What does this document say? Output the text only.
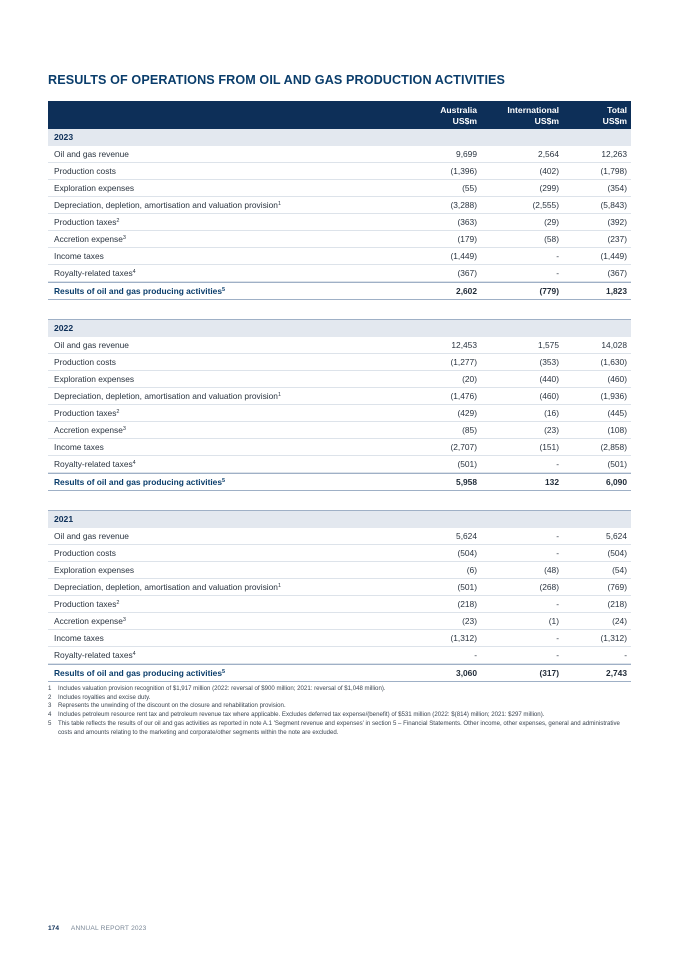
RESULTS OF OPERATIONS FROM OIL AND GAS PRODUCTION ACTIVITIES
Australia
US$m
International
US$m
Total
US$m
2023
Oil and gas revenue	9,699	2,564	12,263
Production costs	(1,396)	(402)	(1,798)
Exploration expenses	(55)	(299)	(354)
Depreciation, depletion, amortisation and valuation provision$^1$	(3,288)	(2,555)	(5,843)
Production taxes$^2$	(363)	(29)	(392)
Accretion expense$^3$	(179)	(58)	(237)
Income taxes	(1,449)	-	(1,449)
Royalty-related taxes$^4$	(367)	-	(367)
Results of oil and gas producing activities$^5$	2,602	(779)	1,823
2022
Oil and gas revenue	12,453	1,575	14,028
Production costs	(1,277)	(353)	(1,630)
Exploration expenses	(20)	(440)	(460)
Depreciation, depletion, amortisation and valuation provision$^1$	(1,476)	(460)	(1,936)
Production taxes$^2$	(429)	(16)	(445)
Accretion expense$^3$	(85)	(23)	(108)
Income taxes	(2,707)	(151)	(2,858)
Royalty-related taxes$^4$	(501)	-	(501)
Results of oil and gas producing activities$^5$	5,958	132	6,090
2021
Oil and gas revenue	5,624	-	5,624
Production costs	(504)	-	(504)
Exploration expenses	(6)	(48)	(54)
Depreciation, depletion, amortisation and valuation provision$^1$	(501)	(268)	(769)
Production taxes$^2$	(218)	-	(218)
Accretion expense$^3$	(23)	(1)	(24)
Income taxes	(1,312)	-	(1,312)
Royalty-related taxes$^4$	-	-	-
Results of oil and gas producing activities$^5$	3,060	(317)	2,743
1 Includes valuation provision recognition of $1,917 million (2022: reversal of $900 million; 2021: reversal of $1,048 million).
2 Includes royalties and excise duty.
3 Represents the unwinding of the discount on the closure and rehabilitation provision.
4 Includes petroleum resource rent tax and petroleum revenue tax where applicable. Excludes deferred tax expense/(benefit) of $531 million (2022: $(814) million; 2021: $297 million).
5 This table reflects the results of our oil and gas activities as reported in note A.1 'Segment revenue and expenses' in section 5 – Financial Statements. Other income, other expenses, general and administrative costs and amounts relating to the marketing and corporate/other segments within the note are excluded.
174 ANNUAL REPORT 2023
